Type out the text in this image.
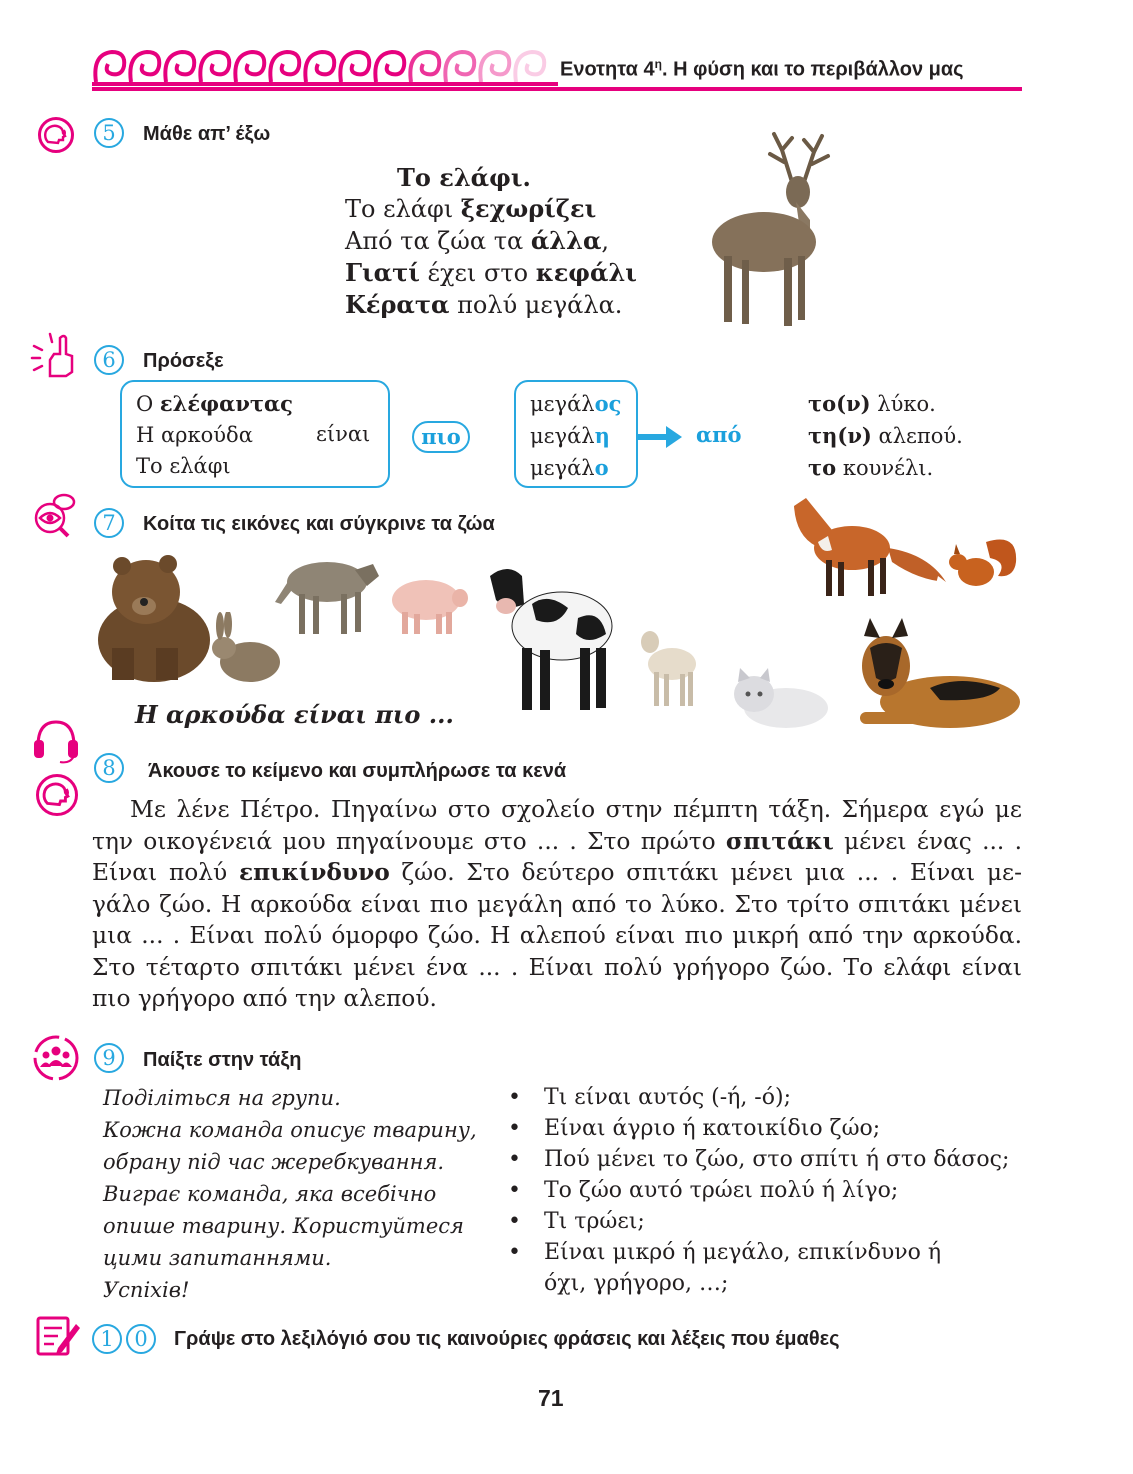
Ενοτητα $4^\eta$. Η φύση και το περιβάλλον μας
5	Μάθε απ’ έξω
Το ελάφι.
Το ελάφι ξεχωρίζει
Από τα ζώα τα άλλα,
Γιατί έχει στο κεφάλι
Κέρατα πολύ μεγάλα.
6	Πρόσεξε
Ο ελέφαντας
Η αρκούδα
Το ελάφι
είναι	πιο
μεγάλος
μεγάλη
μεγάλο
από
το(ν) λύκο.
τη(ν) αλεπού.
το κουνέλι.
7	Κοίτα τις εικόνες και σύγκρινε τα ζώα
Η αρκούδα είναι πιο ...
8	Άκουσε το κείμενο και συμπλήρωσε τα κενά
Με λένε Πέτρο. Πηγαίνω στο σχολείο στην πέμπτη τάξη. Σήμερα εγώ με
την οικογένειά μου πηγαίνουμε στο ... . Στο πρώτο σπιτάκι μένει ένας ... .
Είναι πολύ επικίνδυνο ζώο. Στο δεύτερο σπιτάκι μένει μια ... . Είναι με-
γάλο ζώο. Η αρκούδα είναι πιο μεγάλη από το λύκο. Στο τρίτο σπιτάκι μένει
μια ... . Είναι πολύ όμορφο ζώο. Η αλεπού είναι πιο μικρή από την αρκούδα.
Στο τέταρτο σπιτάκι μένει ένα ... . Είναι πολύ γρήγορο ζώο. Το ελάφι είναι
πιο γρήγορο από την αλεπού.
9	Παίξτε στην τάξη
Поділіться на групи.
Кожна команда описує тварину,
обрану під час жеребкування.
Виграє команда, яка всебічно
опише тварину. Користуйтеся
цими запитаннями.
Успіхів!
• Τι είναι αυτός (-ή, -ό);
• Είναι άγριο ή κατοικίδιο ζώο;
• Πού μένει το ζώο, στο σπίτι ή στο δάσος;
• Το ζώο αυτό τρώει πολύ ή λίγο;
• Τι τρώει;
• Είναι μικρό ή μεγάλο, επικίνδυνο ή
όχι, γρήγορο, …;
1 0	Γράψε στο λεξιλόγιό σου τις καινούριες φράσεις και λέξεις που έμαθες
71
